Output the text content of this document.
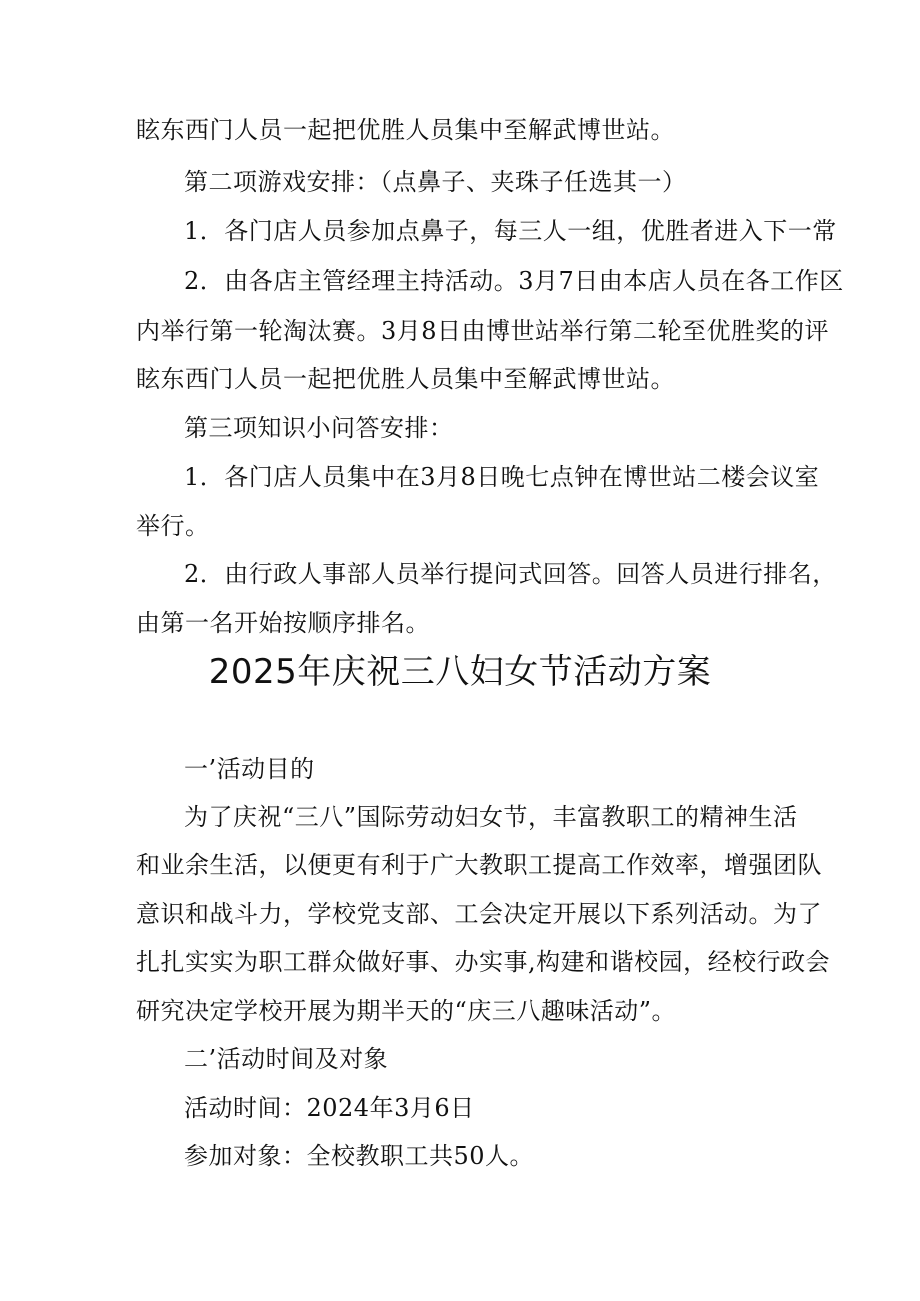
眩东西门人员一起把优胜人员集中至解武博世站。
第二项游戏安排：（点鼻子、夹珠子任选其一）
1．各门店人员参加点鼻子，每三人一组，优胜者进入下一常
2．由各店主管经理主持活动。3月7日由本店人员在各工作区
内举行第一轮淘汰赛。3月8日由博世站举行第二轮至优胜奖的评
眩东西门人员一起把优胜人员集中至解武博世站。
第三项知识小问答安排：
1．各门店人员集中在3月8日晚七点钟在博世站二楼会议室
举行。
2．由行政人事部人员举行提问式回答。回答人员进行排名，
由第一名开始按顺序排名。
2025年庆祝三八妇女节活动方案
一’活动目的
为了庆祝“三八”国际劳动妇女节，丰富教职工的精神生活
和业余生活，以便更有利于广大教职工提高工作效率，增强团队
意识和战斗力，学校党支部、工会决定开展以下系列活动。为了
扎扎实实为职工群众做好事、办实事,构建和谐校园，经校行政会
研究决定学校开展为期半天的“庆三八趣味活动”。
二’活动时间及对象
活动时间：2024年3月6日
参加对象：全校教职工共50人。
